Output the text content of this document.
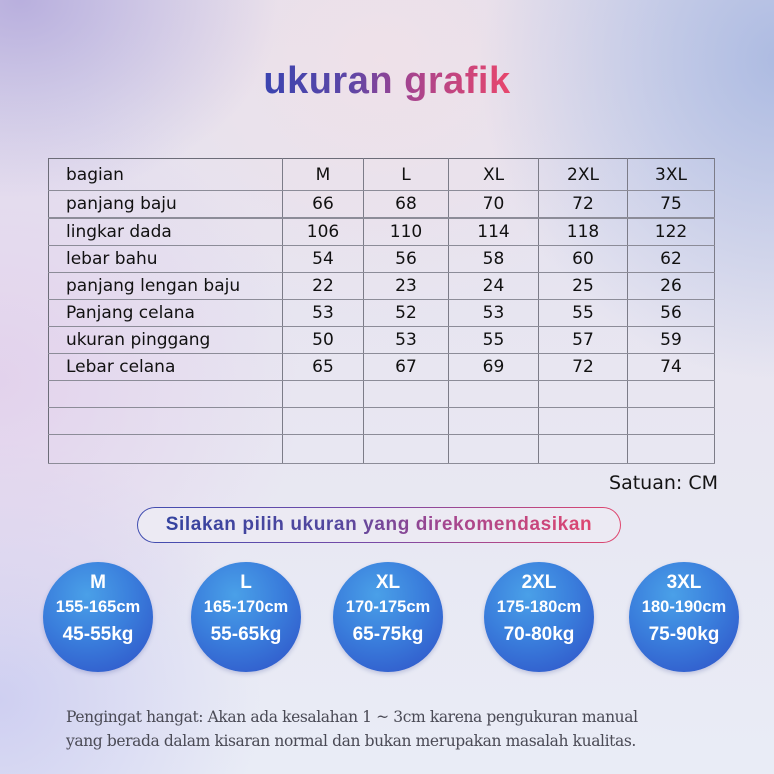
ukuran grafik
bagian	M	L	XL	2XL	3XL
panjang baju	66	68	70	72	75
lingkar dada	106	110	114	118	122
lebar bahu	54	56	58	60	62
panjang lengan baju	22	23	24	25	26
Panjang celana	53	52	53	55	56
ukuran pinggang	50	53	55	57	59
Lebar celana	65	67	69	72	74

Satuan: CM
Silakan pilih ukuran yang direkomendasikan
M
155-165cm
45-55kg
L
165-170cm
55-65kg
XL
170-175cm
65-75kg
2XL
175-180cm
70-80kg
3XL
180-190cm
75-90kg
Pengingat hangat: Akan ada kesalahan 1 ~ 3cm karena pengukuran manual
yang berada dalam kisaran normal dan bukan merupakan masalah kualitas.
